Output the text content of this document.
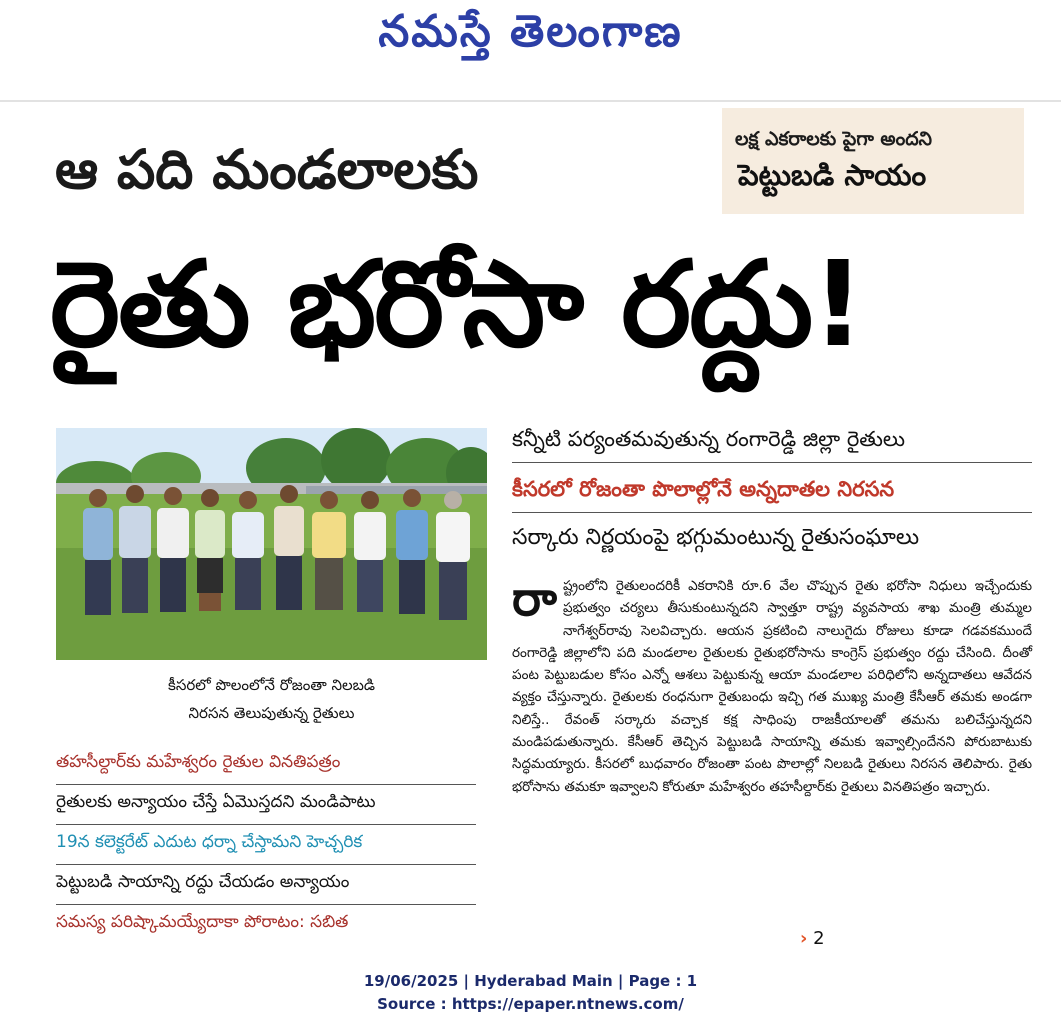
నమస్తే తెలంగాణ
ఆ పది మండలాలకు	లక్ష ఎకరాలకు పైగా అందని
పెట్టుబడి సాయం
రైతు భరోసా రద్దు!
కీసరలో పొలంలోనే రోజంతా నిలబడి
నిరసన తెలుపుతున్న రైతులు
కన్నీటి పర్యంతమవుతున్న రంగారెడ్డి జిల్లా రైతులు
కీసరలో రోజంతా పొలాల్లోనే అన్నదాతల నిరసన
సర్కారు నిర్ణయంపై భగ్గుమంటున్న రైతుసంఘాలు
రా ష్ట్రంలోని రైతులందరికీ ఎకరానికి రూ.6 వేల చొప్పున రైతు భరోసా నిధులు ఇచ్చేందుకు ప్రభుత్వం చర్యలు తీసుకుంటున్నదని స్వాత్తూ రాష్ట్ర వ్యవసాయ శాఖ మంత్రి తుమ్మల నాగేశ్వర్‌రావు సెలవిచ్చారు. ఆయన ప్రకటించి నాలుగైదు రోజులు కూడా గడవకముందే రంగారెడ్డి జిల్లాలోని పది మండలాల రైతులకు రైతుభరోసాను కాంగ్రెస్ ప్రభుత్వం రద్దు చేసింది. దీంతో పంట పెట్టుబడుల కోసం ఎన్నో ఆశలు పెట్టుకున్న ఆయా మండలాల పరిధిలోని అన్నదాతలు ఆవేదన వ్యక్తం చేస్తున్నారు. రైతులకు రంధనుగా రైతుబంధు ఇచ్చి గత ముఖ్య మంత్రి కేసీఆర్ తమకు అండగా నిలిస్తే.. రేవంత్ సర్కారు వచ్చాక కక్ష సాధింపు రాజకీయాలతో తమను బలిచేస్తున్నదని మండిపడుతున్నారు. కేసీఆర్ తెచ్చిన పెట్టుబడి సాయాన్ని తమకు ఇవ్వాల్సిందేనని పోరుబాటుకు సిద్ధమయ్యారు. కీసరలో బుధవారం రోజంతా పంట పొలాల్లో నిలబడి రైతులు నిరసన తెలిపారు. రైతు భరోసాను తమకూ ఇవ్వాలని కోరుతూ మహేశ్వరం తహసీల్దార్‌కు రైతులు వినతిపత్రం ఇచ్చారు.
› 2
తహసీల్దార్‌కు మహేశ్వరం రైతుల వినతిపత్రం
రైతులకు అన్యాయం చేస్తే ఏమొస్తదని మండిపాటు
19న కలెక్టరేట్ ఎదుట ధర్నా చేస్తామని హెచ్చరిక
పెట్టుబడి సాయాన్ని రద్దు చేయడం అన్యాయం
సమస్య పరిష్కామయ్యేదాకా పోరాటం: సబిత
19/06/2025 | Hyderabad Main | Page : 1
Source : https://epaper.ntnews.com/
